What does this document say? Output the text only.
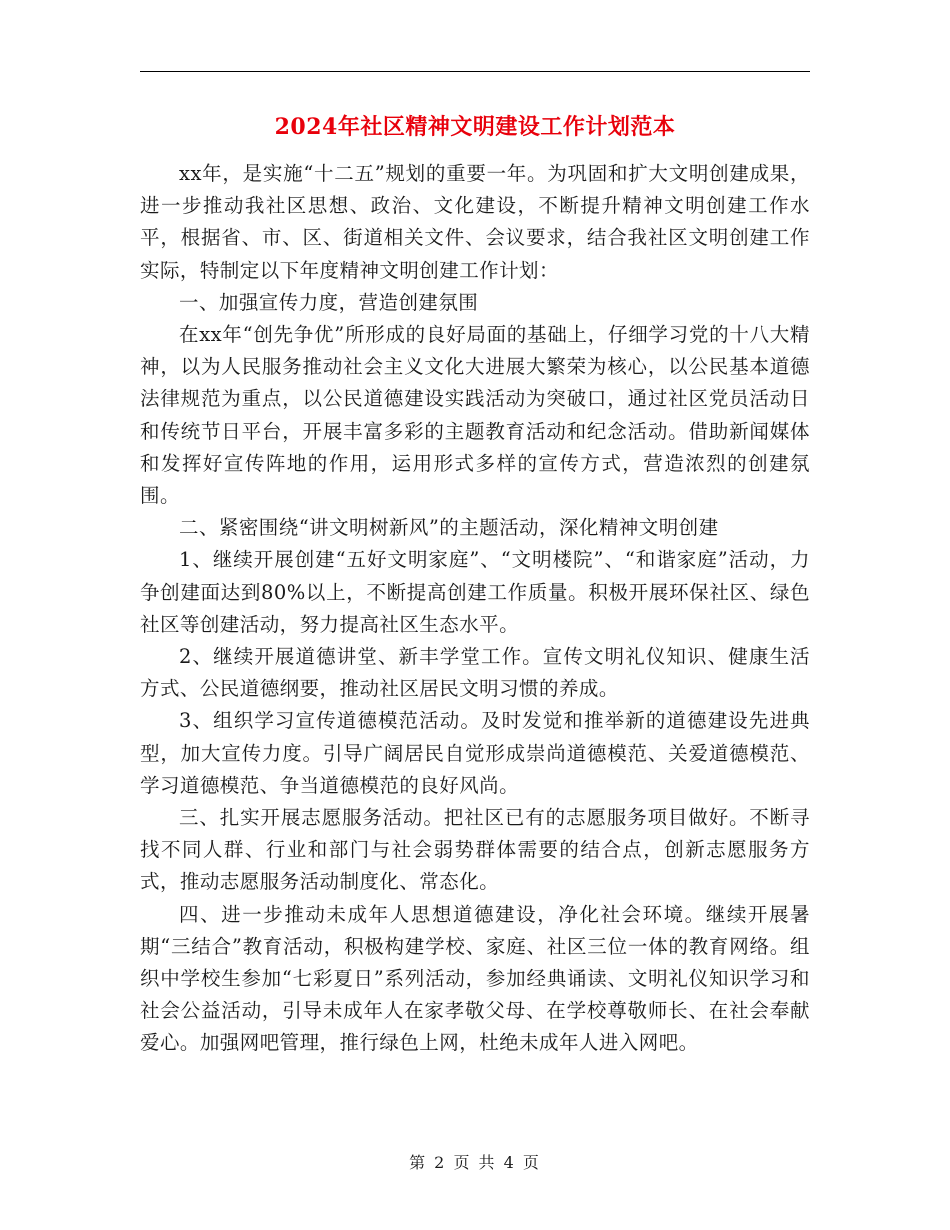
2024年社区精神文明建设工作计划范本

xx年，是实施“十二五”规划的重要一年。为巩固和扩大文明创建成果，进一步推动我社区思想、政治、文化建设，不断提升精神文明创建工作水平，根据省、市、区、街道相关文件、会议要求，结合我社区文明创建工作实际，特制定以下年度精神文明创建工作计划：

一、加强宣传力度，营造创建氛围

在xx年“创先争优”所形成的良好局面的基础上，仔细学习党的十八大精神，以为人民服务推动社会主义文化大进展大繁荣为核心，以公民基本道德法律规范为重点，以公民道德建设实践活动为突破口，通过社区党员活动日和传统节日平台，开展丰富多彩的主题教育活动和纪念活动。借助新闻媒体和发挥好宣传阵地的作用，运用形式多样的宣传方式，营造浓烈的创建氛围。

二、紧密围绕“讲文明树新风”的主题活动，深化精神文明创建

1、继续开展创建“五好文明家庭”、“文明楼院”、“和谐家庭”活动，力争创建面达到80%以上，不断提高创建工作质量。积极开展环保社区、绿色社区等创建活动，努力提高社区生态水平。

2、继续开展道德讲堂、新丰学堂工作。宣传文明礼仪知识、健康生活方式、公民道德纲要，推动社区居民文明习惯的养成。

3、组织学习宣传道德模范活动。及时发觉和推举新的道德建设先进典型，加大宣传力度。引导广阔居民自觉形成崇尚道德模范、关爱道德模范、学习道德模范、争当道德模范的良好风尚。

三、扎实开展志愿服务活动。把社区已有的志愿服务项目做好。不断寻找不同人群、行业和部门与社会弱势群体需要的结合点，创新志愿服务方式，推动志愿服务活动制度化、常态化。

四、进一步推动未成年人思想道德建设，净化社会环境。继续开展暑期“三结合”教育活动，积极构建学校、家庭、社区三位一体的教育网络。组织中学校生参加“七彩夏日”系列活动，参加经典诵读、文明礼仪知识学习和社会公益活动，引导未成年人在家孝敬父母、在学校尊敬师长、在社会奉献爱心。加强网吧管理，推行绿色上网，杜绝未成年人进入网吧。

第 2 页 共 4 页
